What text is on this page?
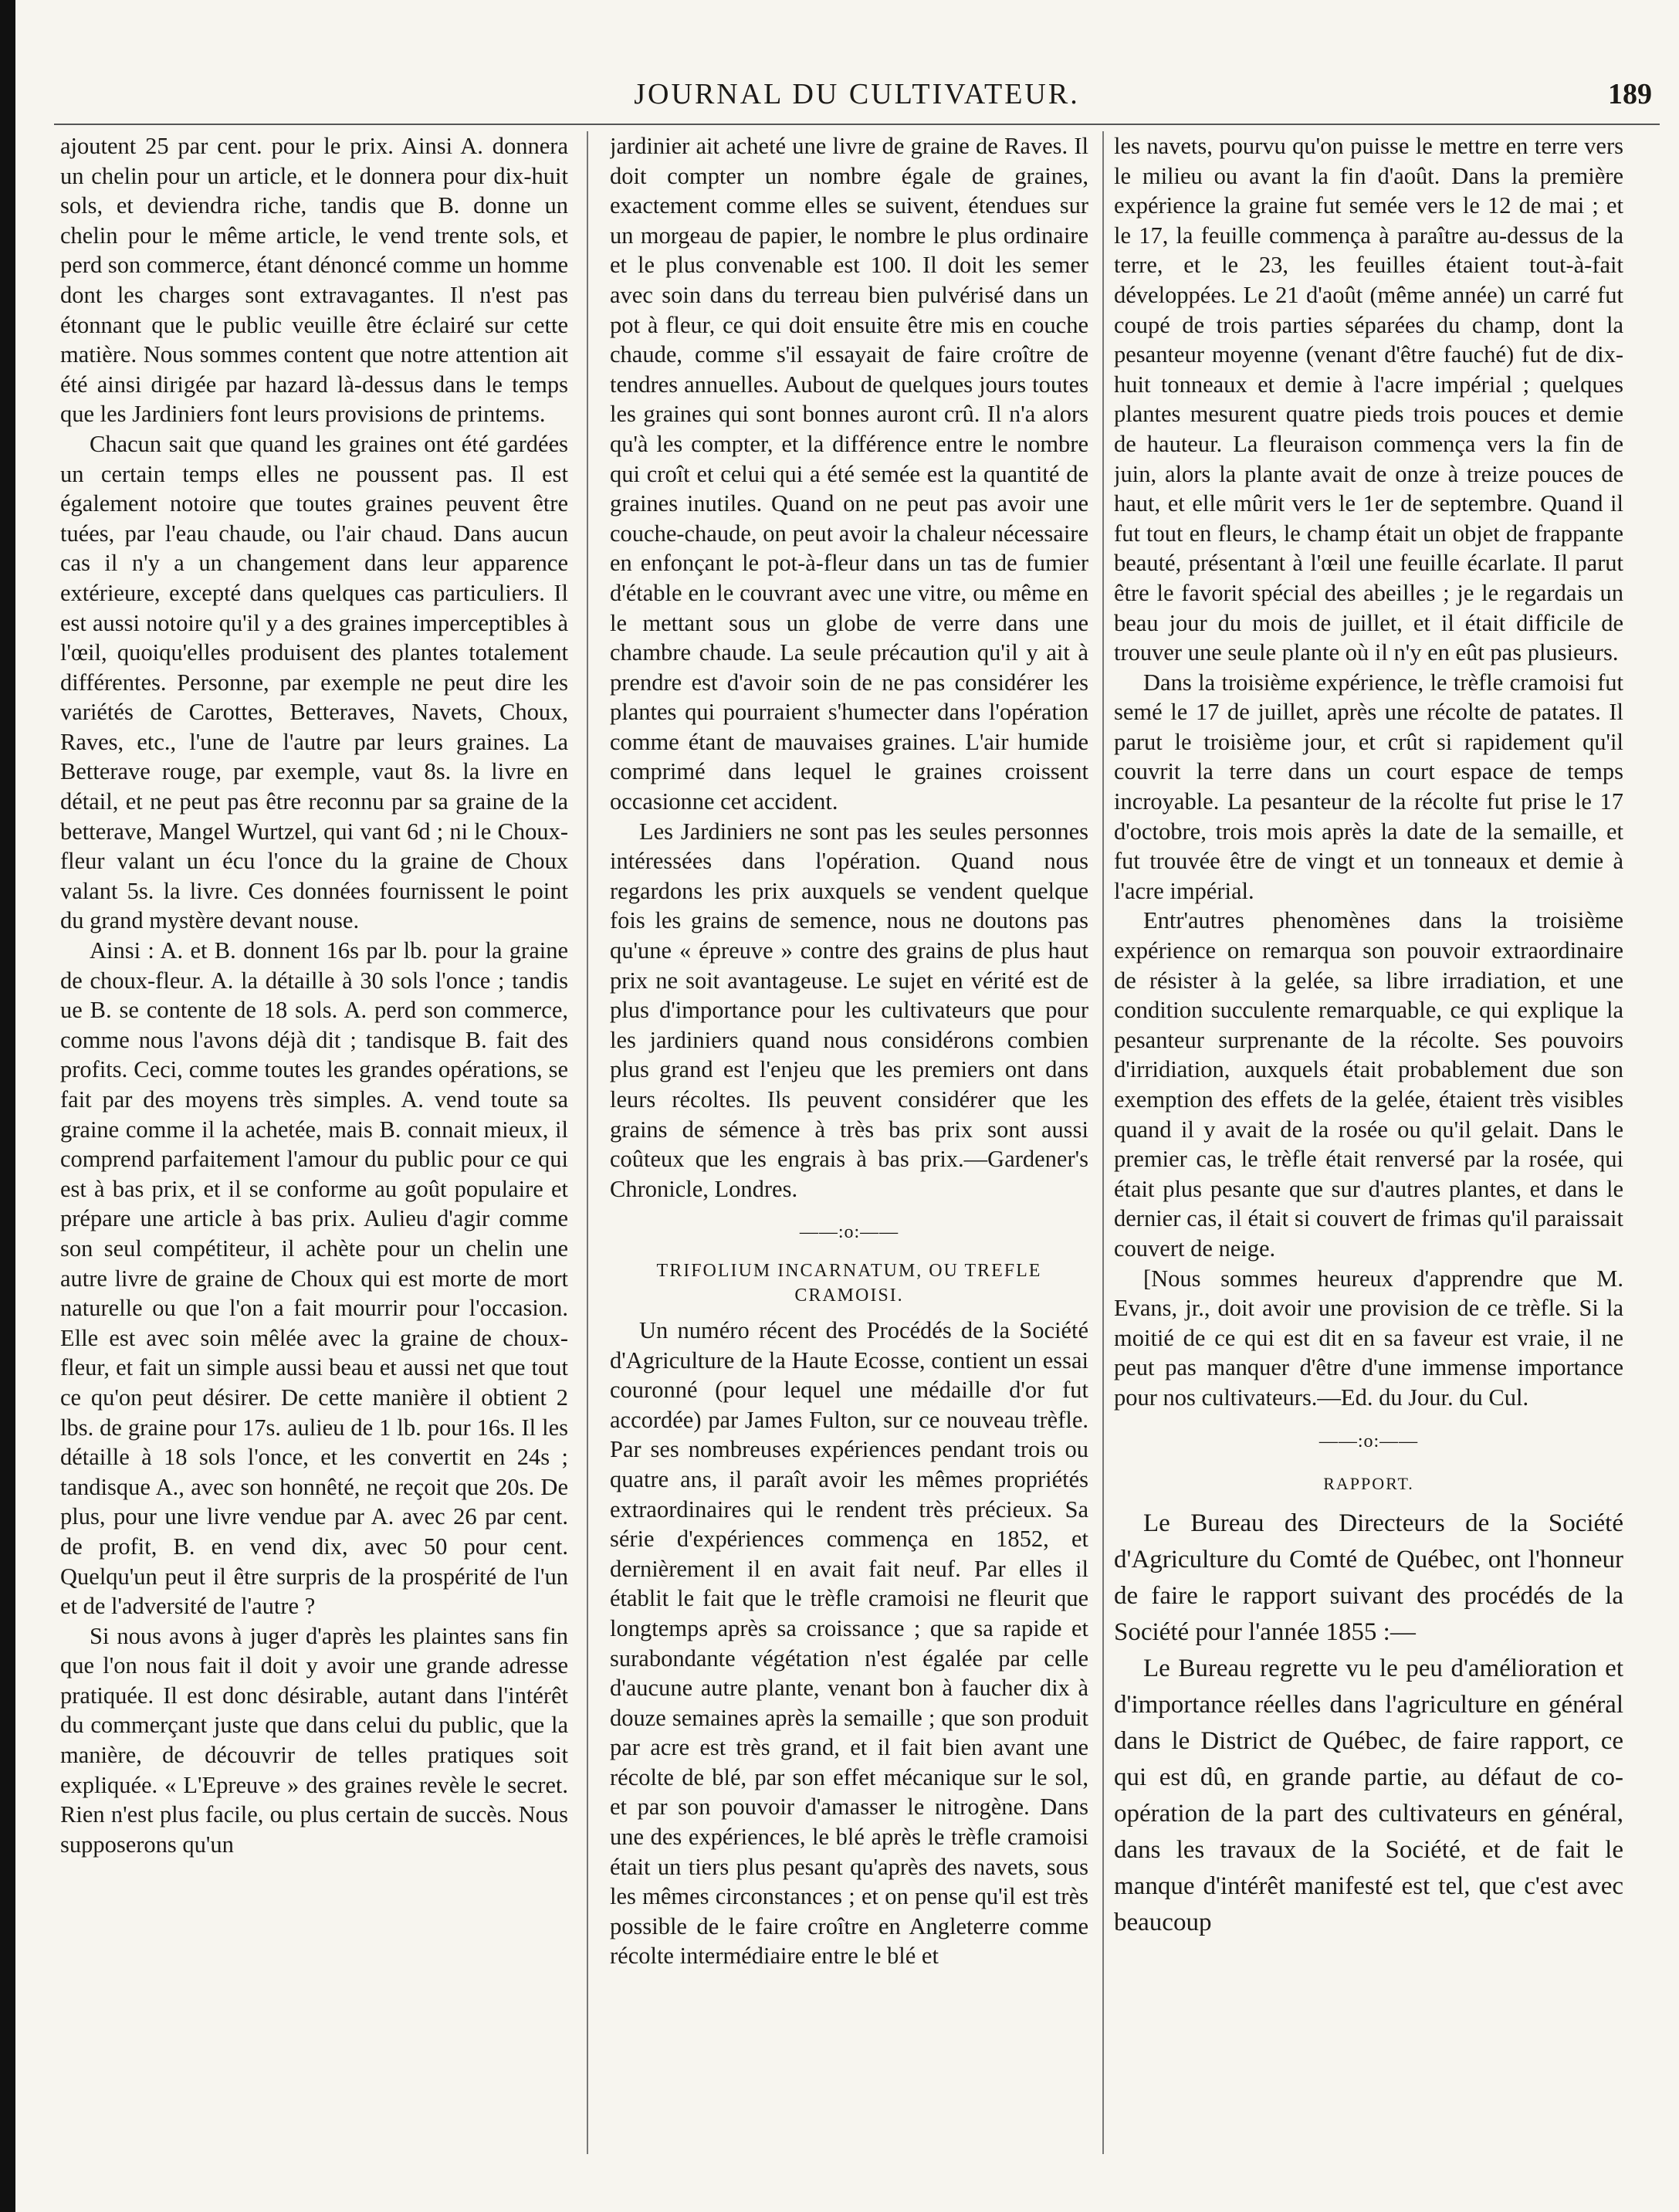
JOURNAL DU CULTIVATEUR.	189

ajoutent 25 par cent. pour le prix. Ainsi A. donnera un chelin pour un article, et le donnera pour dix-huit sols, et deviendra riche, tandis que B. donne un chelin pour le même article, le vend trente sols, et perd son commerce, étant dénoncé comme un homme dont les charges sont extravagantes. Il n'est pas étonnant que le public veuille être éclairé sur cette matière. Nous sommes content que notre attention ait été ainsi dirigée par hazard là-dessus dans le temps que les Jardiniers font leurs provisions de printems.

Chacun sait que quand les graines ont été gardées un certain temps elles ne poussent pas. Il est également notoire que toutes graines peuvent être tuées, par l'eau chaude, ou l'air chaud. Dans aucun cas il n'y a un changement dans leur apparence extérieure, excepté dans quelques cas particuliers. Il est aussi notoire qu'il y a des graines imperceptibles à l'œil, quoiqu'elles produisent des plantes totalement différentes. Personne, par exemple ne peut dire les variétés de Carottes, Betteraves, Navets, Choux, Raves, etc., l'une de l'autre par leurs graines. La Betterave rouge, par exemple, vaut 8s. la livre en détail, et ne peut pas être reconnu par sa graine de la betterave, Mangel Wurtzel, qui vant 6d ; ni le Choux-fleur valant un écu l'once du la graine de Choux valant 5s. la livre. Ces données fournissent le point du grand mystère devant nouse.

Ainsi : A. et B. donnent 16s par lb. pour la graine de choux-fleur. A. la détaille à 30 sols l'once ; tandis ue B. se contente de 18 sols. A. perd son commerce, comme nous l'avons déjà dit ; tandisque B. fait des profits. Ceci, comme toutes les grandes opérations, se fait par des moyens très simples. A. vend toute sa graine comme il la achetée, mais B. connait mieux, il comprend parfaitement l'amour du public pour ce qui est à bas prix, et il se conforme au goût populaire et prépare une article à bas prix. Aulieu d'agir comme son seul compétiteur, il achète pour un chelin une autre livre de graine de Choux qui est morte de mort naturelle ou que l'on a fait mourrir pour l'occasion. Elle est avec soin mêlée avec la graine de choux-fleur, et fait un simple aussi beau et aussi net que tout ce qu'on peut désirer. De cette manière il obtient 2 lbs. de graine pour 17s. aulieu de 1 lb. pour 16s. Il les détaille à 18 sols l'once, et les convertit en 24s ; tandisque A., avec son honnêté, ne reçoit que 20s. De plus, pour une livre vendue par A. avec 26 par cent. de profit, B. en vend dix, avec 50 pour cent. Quelqu'un peut il être surpris de la prospérité de l'un et de l'adversité de l'autre ?

Si nous avons à juger d'après les plaintes sans fin que l'on nous fait il doit y avoir une grande adresse pratiquée. Il est donc désirable, autant dans l'intérêt du commerçant juste que dans celui du public, que la manière, de découvrir de telles pratiques soit expliquée. « L'Epreuve » des graines revèle le secret. Rien n'est plus facile, ou plus certain de succès. Nous supposerons qu'un

jardinier ait acheté une livre de graine de Raves. Il doit compter un nombre égale de graines, exactement comme elles se suivent, étendues sur un morgeau de papier, le nombre le plus ordinaire et le plus convenable est 100. Il doit les semer avec soin dans du terreau bien pulvérisé dans un pot à fleur, ce qui doit ensuite être mis en couche chaude, comme s'il essayait de faire croître de tendres annuelles. Aubout de quelques jours toutes les graines qui sont bonnes auront crû. Il n'a alors qu'à les compter, et la différence entre le nombre qui croît et celui qui a été semée est la quantité de graines inutiles. Quand on ne peut pas avoir une couche-chaude, on peut avoir la chaleur nécessaire en enfonçant le pot-à-fleur dans un tas de fumier d'étable en le couvrant avec une vitre, ou même en le mettant sous un globe de verre dans une chambre chaude. La seule précaution qu'il y ait à prendre est d'avoir soin de ne pas considérer les plantes qui pourraient s'humecter dans l'opération comme étant de mauvaises graines. L'air humide comprimé dans lequel le graines croissent occasionne cet accident.

Les Jardiniers ne sont pas les seules personnes intéressées dans l'opération. Quand nous regardons les prix auxquels se vendent quelque fois les grains de semence, nous ne doutons pas qu'une « épreuve » contre des grains de plus haut prix ne soit avantageuse. Le sujet en vérité est de plus d'importance pour les cultivateurs que pour les jardiniers quand nous considérons combien plus grand est l'enjeu que les premiers ont dans leurs récoltes. Ils peuvent considérer que les grains de sémence à très bas prix sont aussi coûteux que les engrais à bas prix.—Gardener's Chronicle, Londres.

——:o:——
TRIFOLIUM INCARNATUM, OU TREFLE CRAMOISI.

Un numéro récent des Procédés de la Société d'Agriculture de la Haute Ecosse, contient un essai couronné (pour lequel une médaille d'or fut accordée) par James Fulton, sur ce nouveau trèfle. Par ses nombreuses expériences pendant trois ou quatre ans, il paraît avoir les mêmes propriétés extraordinaires qui le rendent très précieux. Sa série d'expériences commença en 1852, et dernièrement il en avait fait neuf. Par elles il établit le fait que le trèfle cramoisi ne fleurit que longtemps après sa croissance ; que sa rapide et surabondante végétation n'est égalée par celle d'aucune autre plante, venant bon à faucher dix à douze semaines après la semaille ; que son produit par acre est très grand, et il fait bien avant une récolte de blé, par son effet mécanique sur le sol, et par son pouvoir d'amasser le nitrogène. Dans une des expériences, le blé après le trèfle cramoisi était un tiers plus pesant qu'après des navets, sous les mêmes circonstances ; et on pense qu'il est très possible de le faire croître en Angleterre comme récolte intermédiaire entre le blé et

les navets, pourvu qu'on puisse le mettre en terre vers le milieu ou avant la fin d'août. Dans la première expérience la graine fut semée vers le 12 de mai ; et le 17, la feuille commença à paraître au-dessus de la terre, et le 23, les feuilles étaient tout-à-fait développées. Le 21 d'août (même année) un carré fut coupé de trois parties séparées du champ, dont la pesanteur moyenne (venant d'être fauché) fut de dix-huit tonneaux et demie à l'acre impérial ; quelques plantes mesurent quatre pieds trois pouces et demie de hauteur. La fleuraison commença vers la fin de juin, alors la plante avait de onze à treize pouces de haut, et elle mûrit vers le 1er de septembre. Quand il fut tout en fleurs, le champ était un objet de frappante beauté, présentant à l'œil une feuille écarlate. Il parut être le favorit spécial des abeilles ; je le regardais un beau jour du mois de juillet, et il était difficile de trouver une seule plante où il n'y en eût pas plusieurs.

Dans la troisième expérience, le trèfle cramoisi fut semé le 17 de juillet, après une récolte de patates. Il parut le troisième jour, et crût si rapidement qu'il couvrit la terre dans un court espace de temps incroyable. La pesanteur de la récolte fut prise le 17 d'octobre, trois mois après la date de la semaille, et fut trouvée être de vingt et un tonneaux et demie à l'acre impérial.

Entr'autres phenomènes dans la troisième expérience on remarqua son pouvoir extraordinaire de résister à la gelée, sa libre irradiation, et une condition succulente remarquable, ce qui explique la pesanteur surprenante de la récolte. Ses pouvoirs d'irridiation, auxquels était probablement due son exemption des effets de la gelée, étaient très visibles quand il y avait de la rosée ou qu'il gelait. Dans le premier cas, le trèfle était renversé par la rosée, qui était plus pesante que sur d'autres plantes, et dans le dernier cas, il était si couvert de frimas qu'il paraissait couvert de neige.

[Nous sommes heureux d'apprendre que M. Evans, jr., doit avoir une provision de ce trèfle. Si la moitié de ce qui est dit en sa faveur est vraie, il ne peut pas manquer d'être d'une immense importance pour nos cultivateurs.—Ed. du Jour. du Cul.

——:o:——
RAPPORT.

Le Bureau des Directeurs de la Société d'Agriculture du Comté de Québec, ont l'honneur de faire le rapport suivant des procédés de la Société pour l'année 1855 :—

Le Bureau regrette vu le peu d'amélioration et d'importance réelles dans l'agriculture en général dans le District de Québec, de faire rapport, ce qui est dû, en grande partie, au défaut de co-opération de la part des cultivateurs en général, dans les travaux de la Société, et de fait le manque d'intérêt manifesté est tel, que c'est avec beaucoup
